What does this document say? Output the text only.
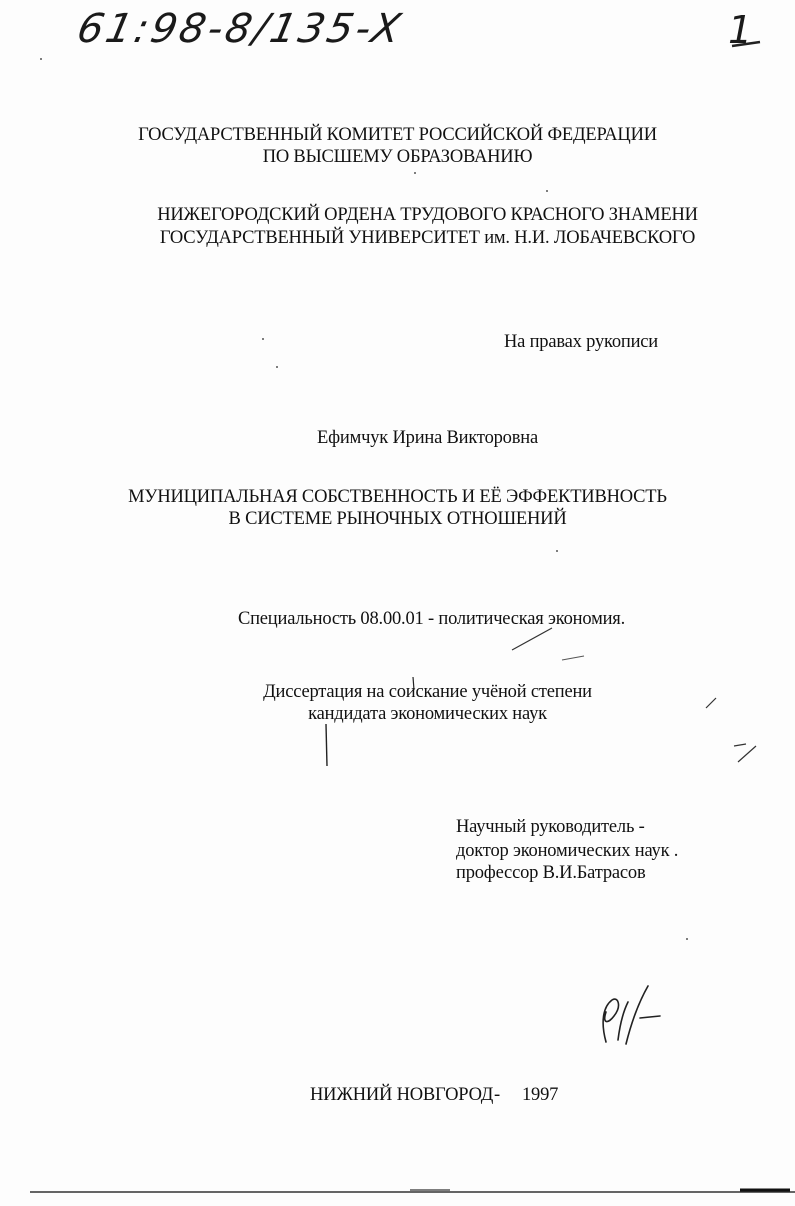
61:98-8/135-X	1
ГОСУДАРСТВЕННЫЙ КОМИТЕТ РОССИЙСКОЙ ФЕДЕРАЦИИ
ПО ВЫСШЕМУ ОБРАЗОВАНИЮ
НИЖЕГОРОДСКИЙ ОРДЕНА ТРУДОВОГО КРАСНОГО ЗНАМЕНИ
ГОСУДАРСТВЕННЫЙ УНИВЕРСИТЕТ им. Н.И. ЛОБАЧЕВСКОГО
На правах рукописи
Ефимчук Ирина Викторовна
МУНИЦИПАЛЬНАЯ СОБСТВЕННОСТЬ И ЕЁ ЭФФЕКТИВНОСТЬ
В СИСТЕМЕ РЫНОЧНЫХ ОТНОШЕНИЙ
Специальность 08.00.01 - политическая экономия.
Диссертация на соискание учёной степени
кандидата экономических наук
Научный руководитель -
доктор экономических наук .
профессор В.И.Батрасов
НИЖНИЙ НОВГОРОД - 1997
